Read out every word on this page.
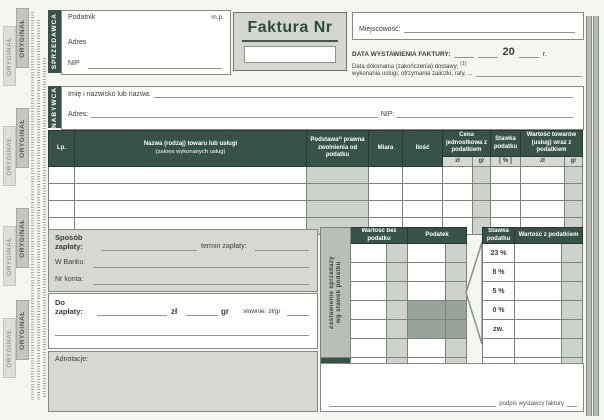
ORYGINAŁ
ORYGINAŁ
ORYGINAŁ
ORYGINAŁ
ORYGINAŁ
ORYGINAŁ
ORYGINAŁ
ORYGINAŁ
SPRZEDAWCA Podatnik	m.p.
Adres
NIP
Faktura Nr	Miejscowość:
DATA WYSTAWIENIA FAKTURY:	20	r.
Data dokonania (zakończenia) dostawy; $^{(1)}$
wykonania usługi; otrzymania zaliczki, raty, ...
NABYWCA Imię i nazwisko lub nazwa:
Adres:	NIP:
Lp.	Nazwa (rodzaj) towaru lub usługi
(zakres wykonanych usług)	Podstawa²⁾ prawna zwolnienia od podatku	Miara	Ilość	Cena jednostkowa z podatkiem		Stawka podatku	Wartość towarów (usług) wraz z podatkiem	
					zł	gr	[ % ]	zł	gr

Sposób
zapłaty:	termin zapłaty:
W Banku:
Nr konta:
Do
zapłaty:	zł	gr słownie: zł/gr
Adnotacje:
Zestawienie sprzedaży wg stawek podatku	Wartość bez podatku		Podatek	

Stawka podatku	Wartość z podatkiem	
23 %		
8 %		
5 %		
0 %		
zw.		

podpis wystawcy faktury
